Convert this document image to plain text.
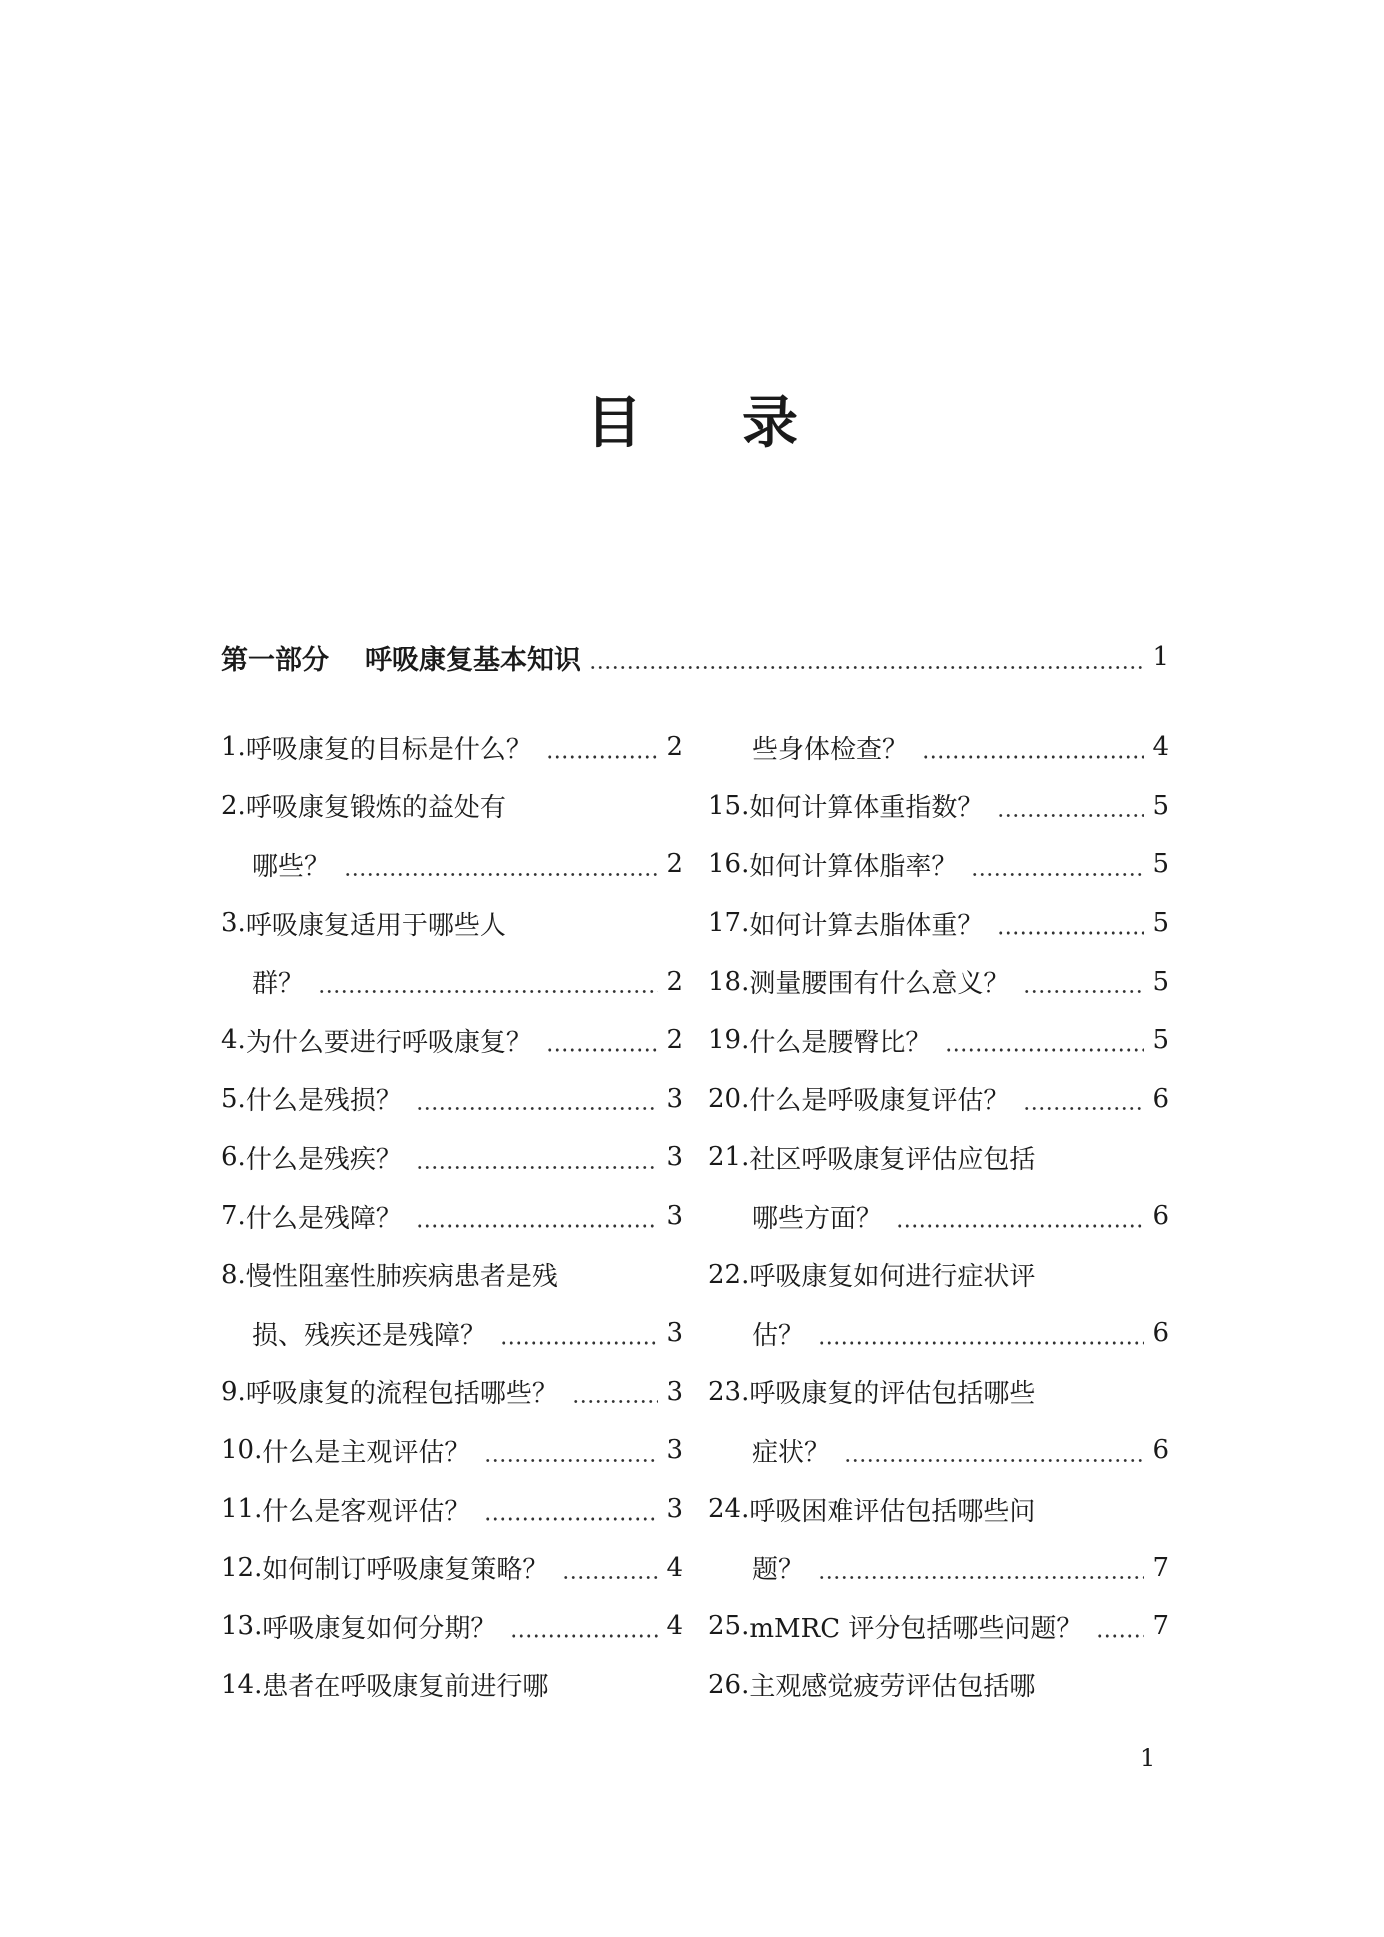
目 录
第一部分 呼吸康复基本知识	1
1. 呼吸康复的目标是什么？	2
2. 呼吸康复锻炼的益处有
哪些？	2
3. 呼吸康复适用于哪些人
群？	2
4. 为什么要进行呼吸康复？	2
5. 什么是残损？	3
6. 什么是残疾？	3
7. 什么是残障？	3
8. 慢性阻塞性肺疾病患者是残
损、残疾还是残障？	3
9. 呼吸康复的流程包括哪些？	3
10. 什么是主观评估？	3
11. 什么是客观评估？	3
12. 如何制订呼吸康复策略？	4
13. 呼吸康复如何分期？	4
14. 患者在呼吸康复前进行哪
些身体检查？	4
15. 如何计算体重指数？	5
16. 如何计算体脂率？	5
17. 如何计算去脂体重？	5
18. 测量腰围有什么意义？	5
19. 什么是腰臀比？	5
20. 什么是呼吸康复评估？	6
21. 社区呼吸康复评估应包括
哪些方面？	6
22. 呼吸康复如何进行症状评
估？	6
23. 呼吸康复的评估包括哪些
症状？	6
24. 呼吸困难评估包括哪些问
题？	7
25. mMRC 评分包括哪些问题？	7
26. 主观感觉疲劳评估包括哪
1
